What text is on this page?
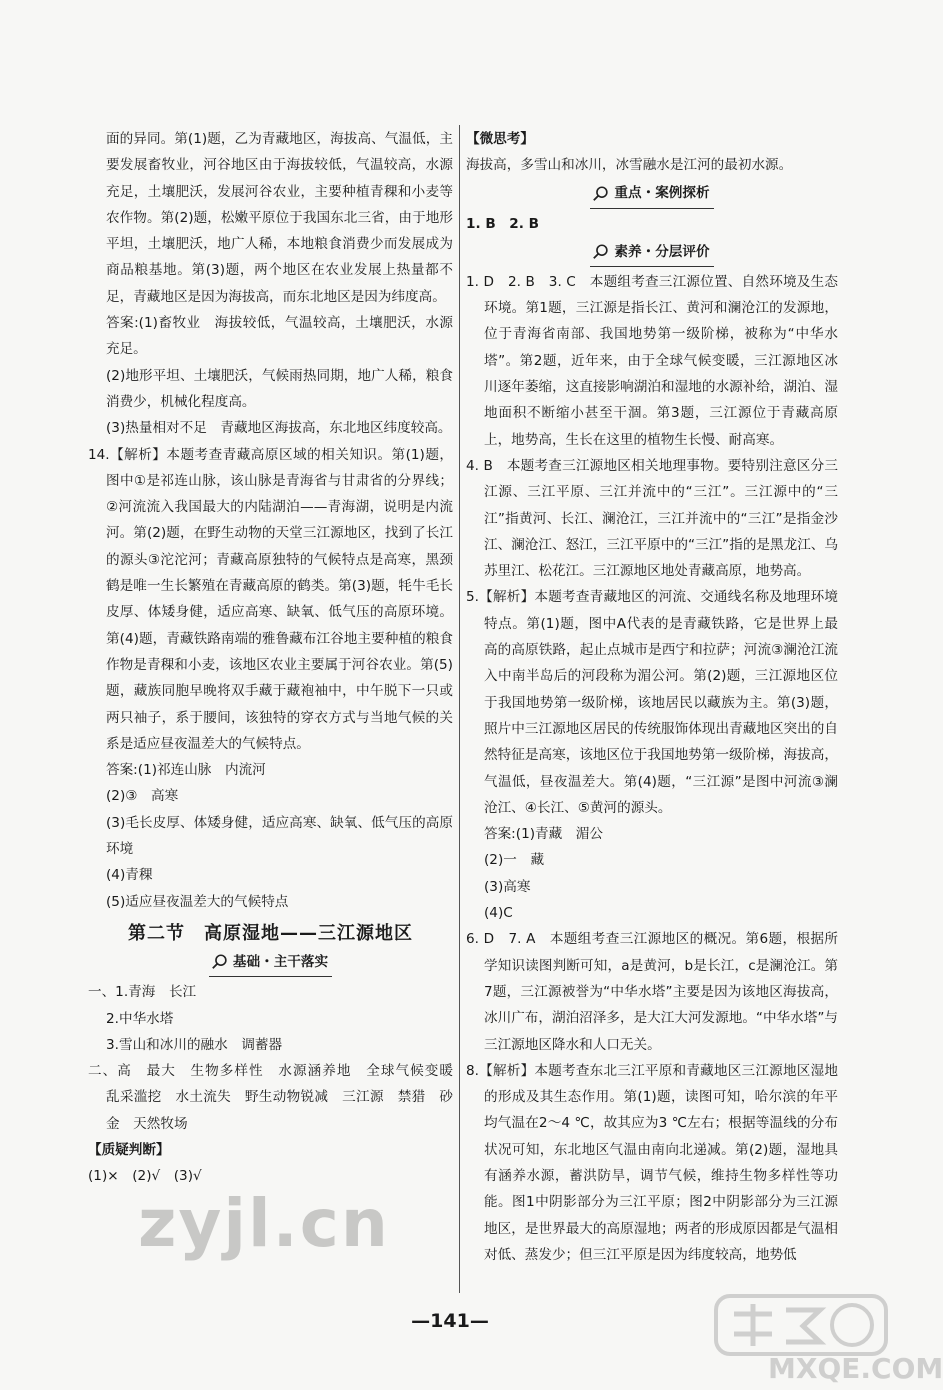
面的异同。第(1)题，乙为青藏地区，海拔高、气温低，主要发展畜牧业，河谷地区由于海拔较低，气温较高，水源充足，土壤肥沃，发展河谷农业，主要种植青稞和小麦等农作物。第(2)题，松嫩平原位于我国东北三省，由于地形平坦，土壤肥沃，地广人稀，本地粮食消费少而发展成为商品粮基地。第(3)题，两个地区在农业发展上热量都不足，青藏地区是因为海拔高，而东北地区是因为纬度高。

答案:(1)畜牧业　海拔较低，气温较高，土壤肥沃，水源充足。

(2)地形平坦、土壤肥沃，气候雨热同期，地广人稀，粮食消费少，机械化程度高。

(3)热量相对不足　青藏地区海拔高，东北地区纬度较高。

14.【解析】本题考查青藏高原区域的相关知识。第(1)题，图中①是祁连山脉，该山脉是青海省与甘肃省的分界线；②河流流入我国最大的内陆湖泊——青海湖，说明是内流河。第(2)题，在野生动物的天堂三江源地区，找到了长江的源头③沱沱河；青藏高原独特的气候特点是高寒，黑颈鹤是唯一生长繁殖在青藏高原的鹤类。第(3)题，牦牛毛长皮厚、体矮身健，适应高寒、缺氧、低气压的高原环境。第(4)题，青藏铁路南端的雅鲁藏布江谷地主要种植的粮食作物是青稞和小麦，该地区农业主要属于河谷农业。第(5)题，藏族同胞早晚将双手藏于藏袍袖中，中午脱下一只或两只袖子，系于腰间，该独特的穿衣方式与当地气候的关系是适应昼夜温差大的气候特点。

答案:(1)祁连山脉　内流河

(2)③　高寒

(3)毛长皮厚、体矮身健，适应高寒、缺氧、低气压的高原环境

(4)青稞

(5)适应昼夜温差大的气候特点

第二节　高原湿地——三江源地区
基础・主干落实

一、1.青海　长江

2.中华水塔

3.雪山和冰川的融水　调蓄器

二、高　最大　生物多样性　水源涵养地　全球气候变暖　乱采滥挖　水土流失　野生动物锐减　三江源　禁猎　砂金　天然牧场

【质疑判断】

(1)×　(2)√　(3)√

【微思考】

海拔高，多雪山和冰川，冰雪融水是江河的最初水源。

重点・案例探析

1. B　2. B

素养・分层评价

1. D　2. B　3. C　本题组考查三江源位置、自然环境及生态环境。第1题，三江源是指长江、黄河和澜沧江的发源地，位于青海省南部、我国地势第一级阶梯，被称为“中华水塔”。第2题，近年来，由于全球气候变暖，三江源地区冰川逐年萎缩，这直接影响湖泊和湿地的水源补给，湖泊、湿地面积不断缩小甚至干涸。第3题，三江源位于青藏高原上，地势高，生长在这里的植物生长慢、耐高寒。

4. B　本题考查三江源地区相关地理事物。要特别注意区分三江源、三江平原、三江并流中的“三江”。三江源中的“三江”指黄河、长江、澜沧江，三江并流中的“三江”是指金沙江、澜沧江、怒江，三江平原中的“三江”指的是黑龙江、乌苏里江、松花江。三江源地区地处青藏高原，地势高。

5.【解析】本题考查青藏地区的河流、交通线名称及地理环境特点。第(1)题，图中A代表的是青藏铁路，它是世界上最高的高原铁路，起止点城市是西宁和拉萨；河流③澜沧江流入中南半岛后的河段称为湄公河。第(2)题，三江源地区位于我国地势第一级阶梯，该地居民以藏族为主。第(3)题，照片中三江源地区居民的传统服饰体现出青藏地区突出的自然特征是高寒，该地区位于我国地势第一级阶梯，海拔高，气温低，昼夜温差大。第(4)题，“三江源”是图中河流③澜沧江、④长江、⑤黄河的源头。

答案:(1)青藏　湄公

(2)一　藏

(3)高寒

(4)C

6. D　7. A　本题组考查三江源地区的概况。第6题，根据所学知识读图判断可知，a是黄河，b是长江，c是澜沧江。第7题，三江源被誉为“中华水塔”主要是因为该地区海拔高，冰川广布，湖泊沼泽多，是大江大河发源地。“中华水塔”与三江源地区降水和人口无关。

8.【解析】本题考查东北三江平原和青藏地区三江源地区湿地的形成及其生态作用。第(1)题，读图可知，哈尔滨的年平均气温在2～4 ℃，故其应为3 ℃左右；根据等温线的分布状况可知，东北地区气温由南向北递减。第(2)题，湿地具有涵养水源，蓄洪防旱，调节气候，维持生物多样性等功能。图1中阴影部分为三江平原；图2中阴影部分为三江源地区，是世界最大的高原湿地；两者的形成原因都是气温相对低、蒸发少；但三江平原是因为纬度较高，地势低

—141—
zyjl.cn
MXQE.COM
